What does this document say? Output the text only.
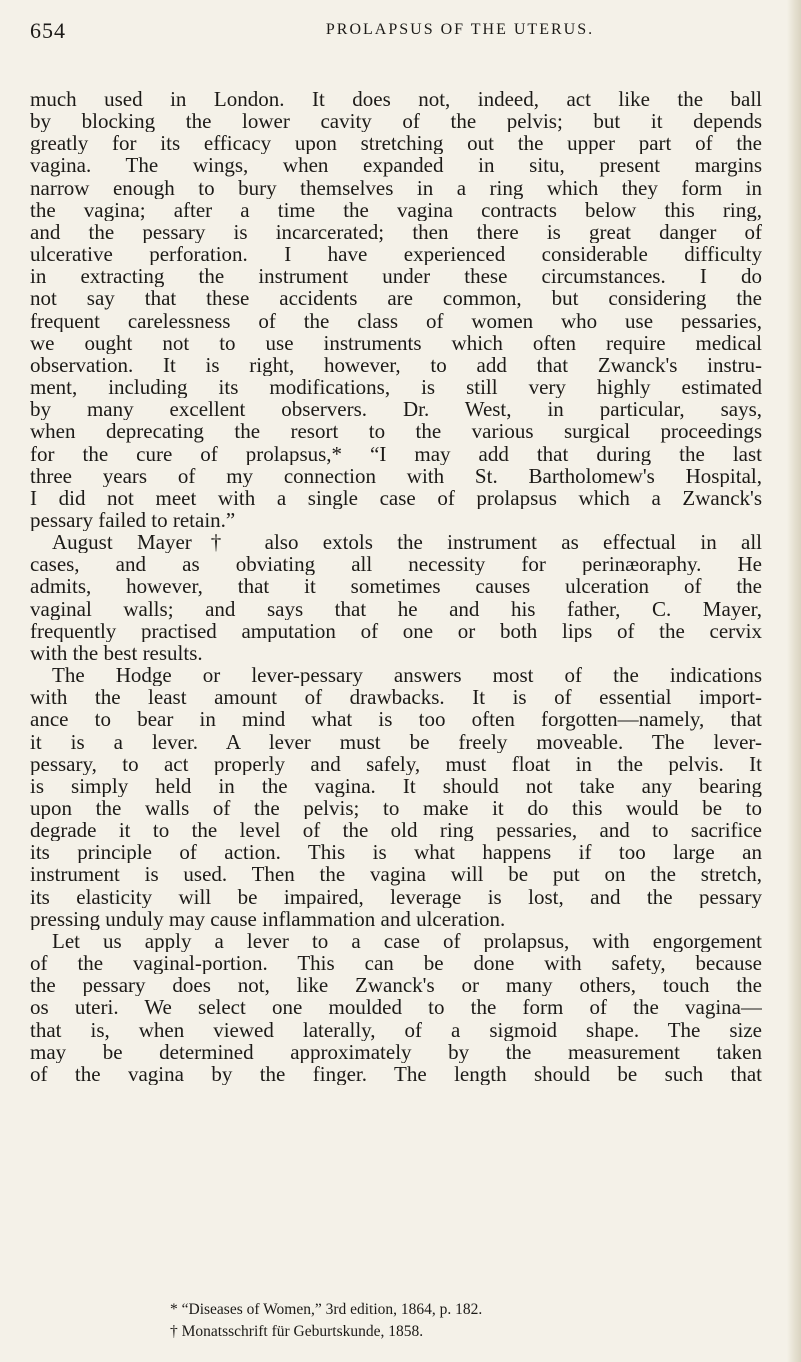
654	PROLAPSUS OF THE UTERUS.
much used in London. It does not, indeed, act like the ball
by blocking the lower cavity of the pelvis; but it depends
greatly for its efficacy upon stretching out the upper part of the
vagina. The wings, when expanded in situ, present margins
narrow enough to bury themselves in a ring which they form in
the vagina; after a time the vagina contracts below this ring,
and the pessary is incarcerated; then there is great danger of
ulcerative perforation. I have experienced considerable difficulty
in extracting the instrument under these circumstances. I do
not say that these accidents are common, but considering the
frequent carelessness of the class of women who use pessaries,
we ought not to use instruments which often require medical
observation. It is right, however, to add that Zwanck's instru-
ment, including its modifications, is still very highly estimated
by many excellent observers. Dr. West, in particular, says,
when deprecating the resort to the various surgical proceedings
for the cure of prolapsus,* “I may add that during the last
three years of my connection with St. Bartholomew's Hospital,
I did not meet with a single case of prolapsus which a Zwanck's
pessary failed to retain.”
August Mayer† also extols the instrument as effectual in all
cases, and as obviating all necessity for perinæoraphy. He
admits, however, that it sometimes causes ulceration of the
vaginal walls; and says that he and his father, C. Mayer,
frequently practised amputation of one or both lips of the cervix
with the best results.
The Hodge or lever-pessary answers most of the indications
with the least amount of drawbacks. It is of essential import-
ance to bear in mind what is too often forgotten—namely, that
it is a lever. A lever must be freely moveable. The lever-
pessary, to act properly and safely, must float in the pelvis. It
is simply held in the vagina. It should not take any bearing
upon the walls of the pelvis; to make it do this would be to
degrade it to the level of the old ring pessaries, and to sacrifice
its principle of action. This is what happens if too large an
instrument is used. Then the vagina will be put on the stretch,
its elasticity will be impaired, leverage is lost, and the pessary
pressing unduly may cause inflammation and ulceration.
Let us apply a lever to a case of prolapsus, with engorgement
of the vaginal-portion. This can be done with safety, because
the pessary does not, like Zwanck's or many others, touch the
os uteri. We select one moulded to the form of the vagina—
that is, when viewed laterally, of a sigmoid shape. The size
may be determined approximately by the measurement taken
of the vagina by the finger. The length should be such that
* “Diseases of Women,” 3rd edition, 1864, p. 182.
† Monatsschrift für Geburtskunde, 1858.
